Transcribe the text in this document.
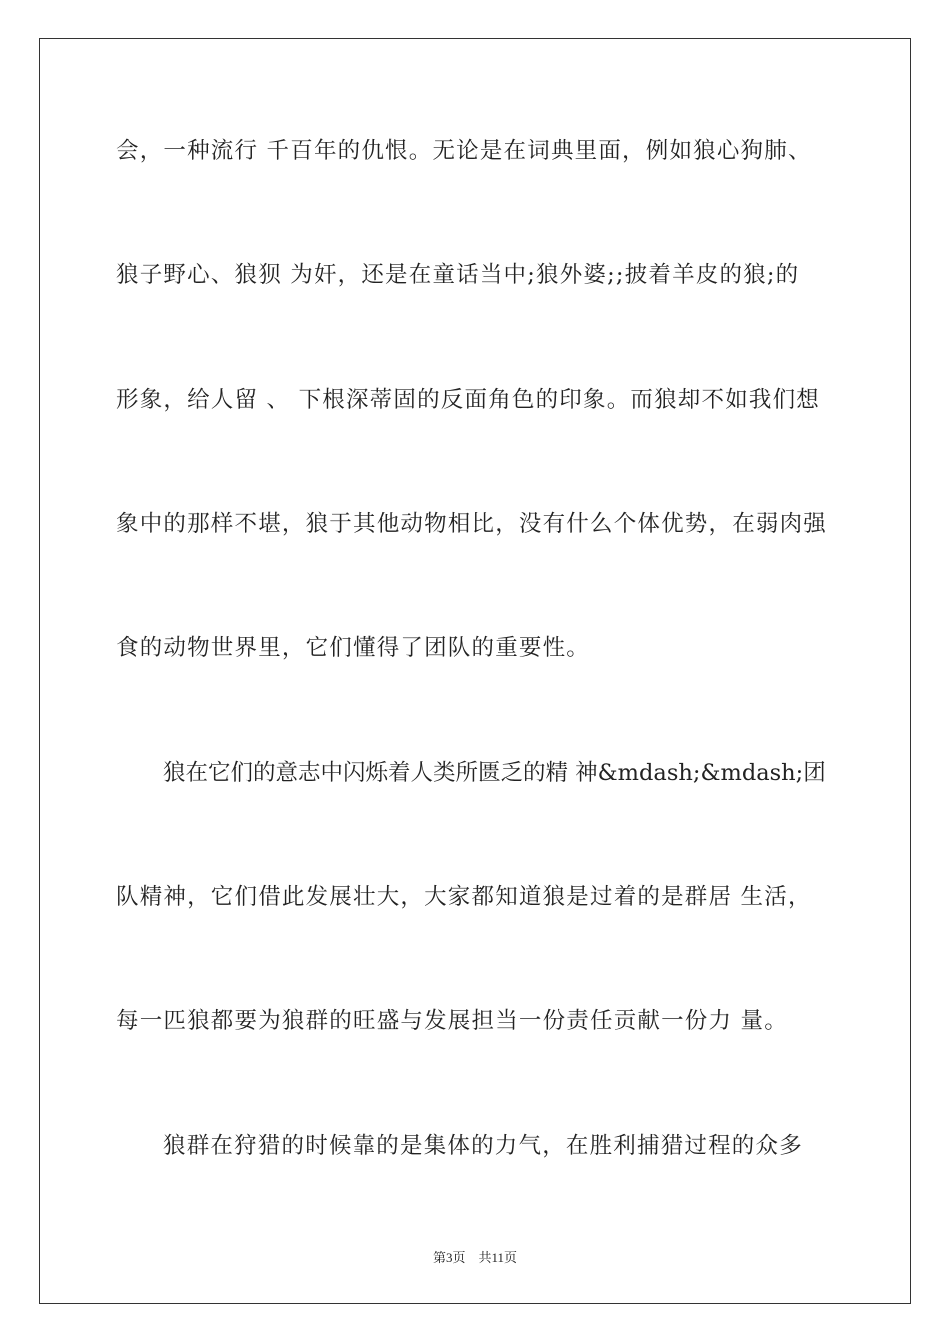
会，一种流行 千百年的仇恨。无论是在词典里面，例如狼心狗肺、
狼子野心、狼狈 为奸，还是在童话当中;狼外婆;;披着羊皮的狼;的
形象，给人留 、 下根深蒂固的反面角色的印象。而狼却不如我们想
象中的那样不堪，狼于其他动物相比，没有什么个体优势，在弱肉强
食的动物世界里，它们懂得了团队的重要性。
狼在它们的意志中闪烁着人类所匮乏的精 神&mdash;&mdash;团
队精神，它们借此发展壮大，大家都知道狼是过着的是群居 生活，
每一匹狼都要为狼群的旺盛与发展担当一份责任贡献一份力 量。
狼群在狩猎的时候靠的是集体的力气，在胜利捕猎过程的众多
第3页 共11页
